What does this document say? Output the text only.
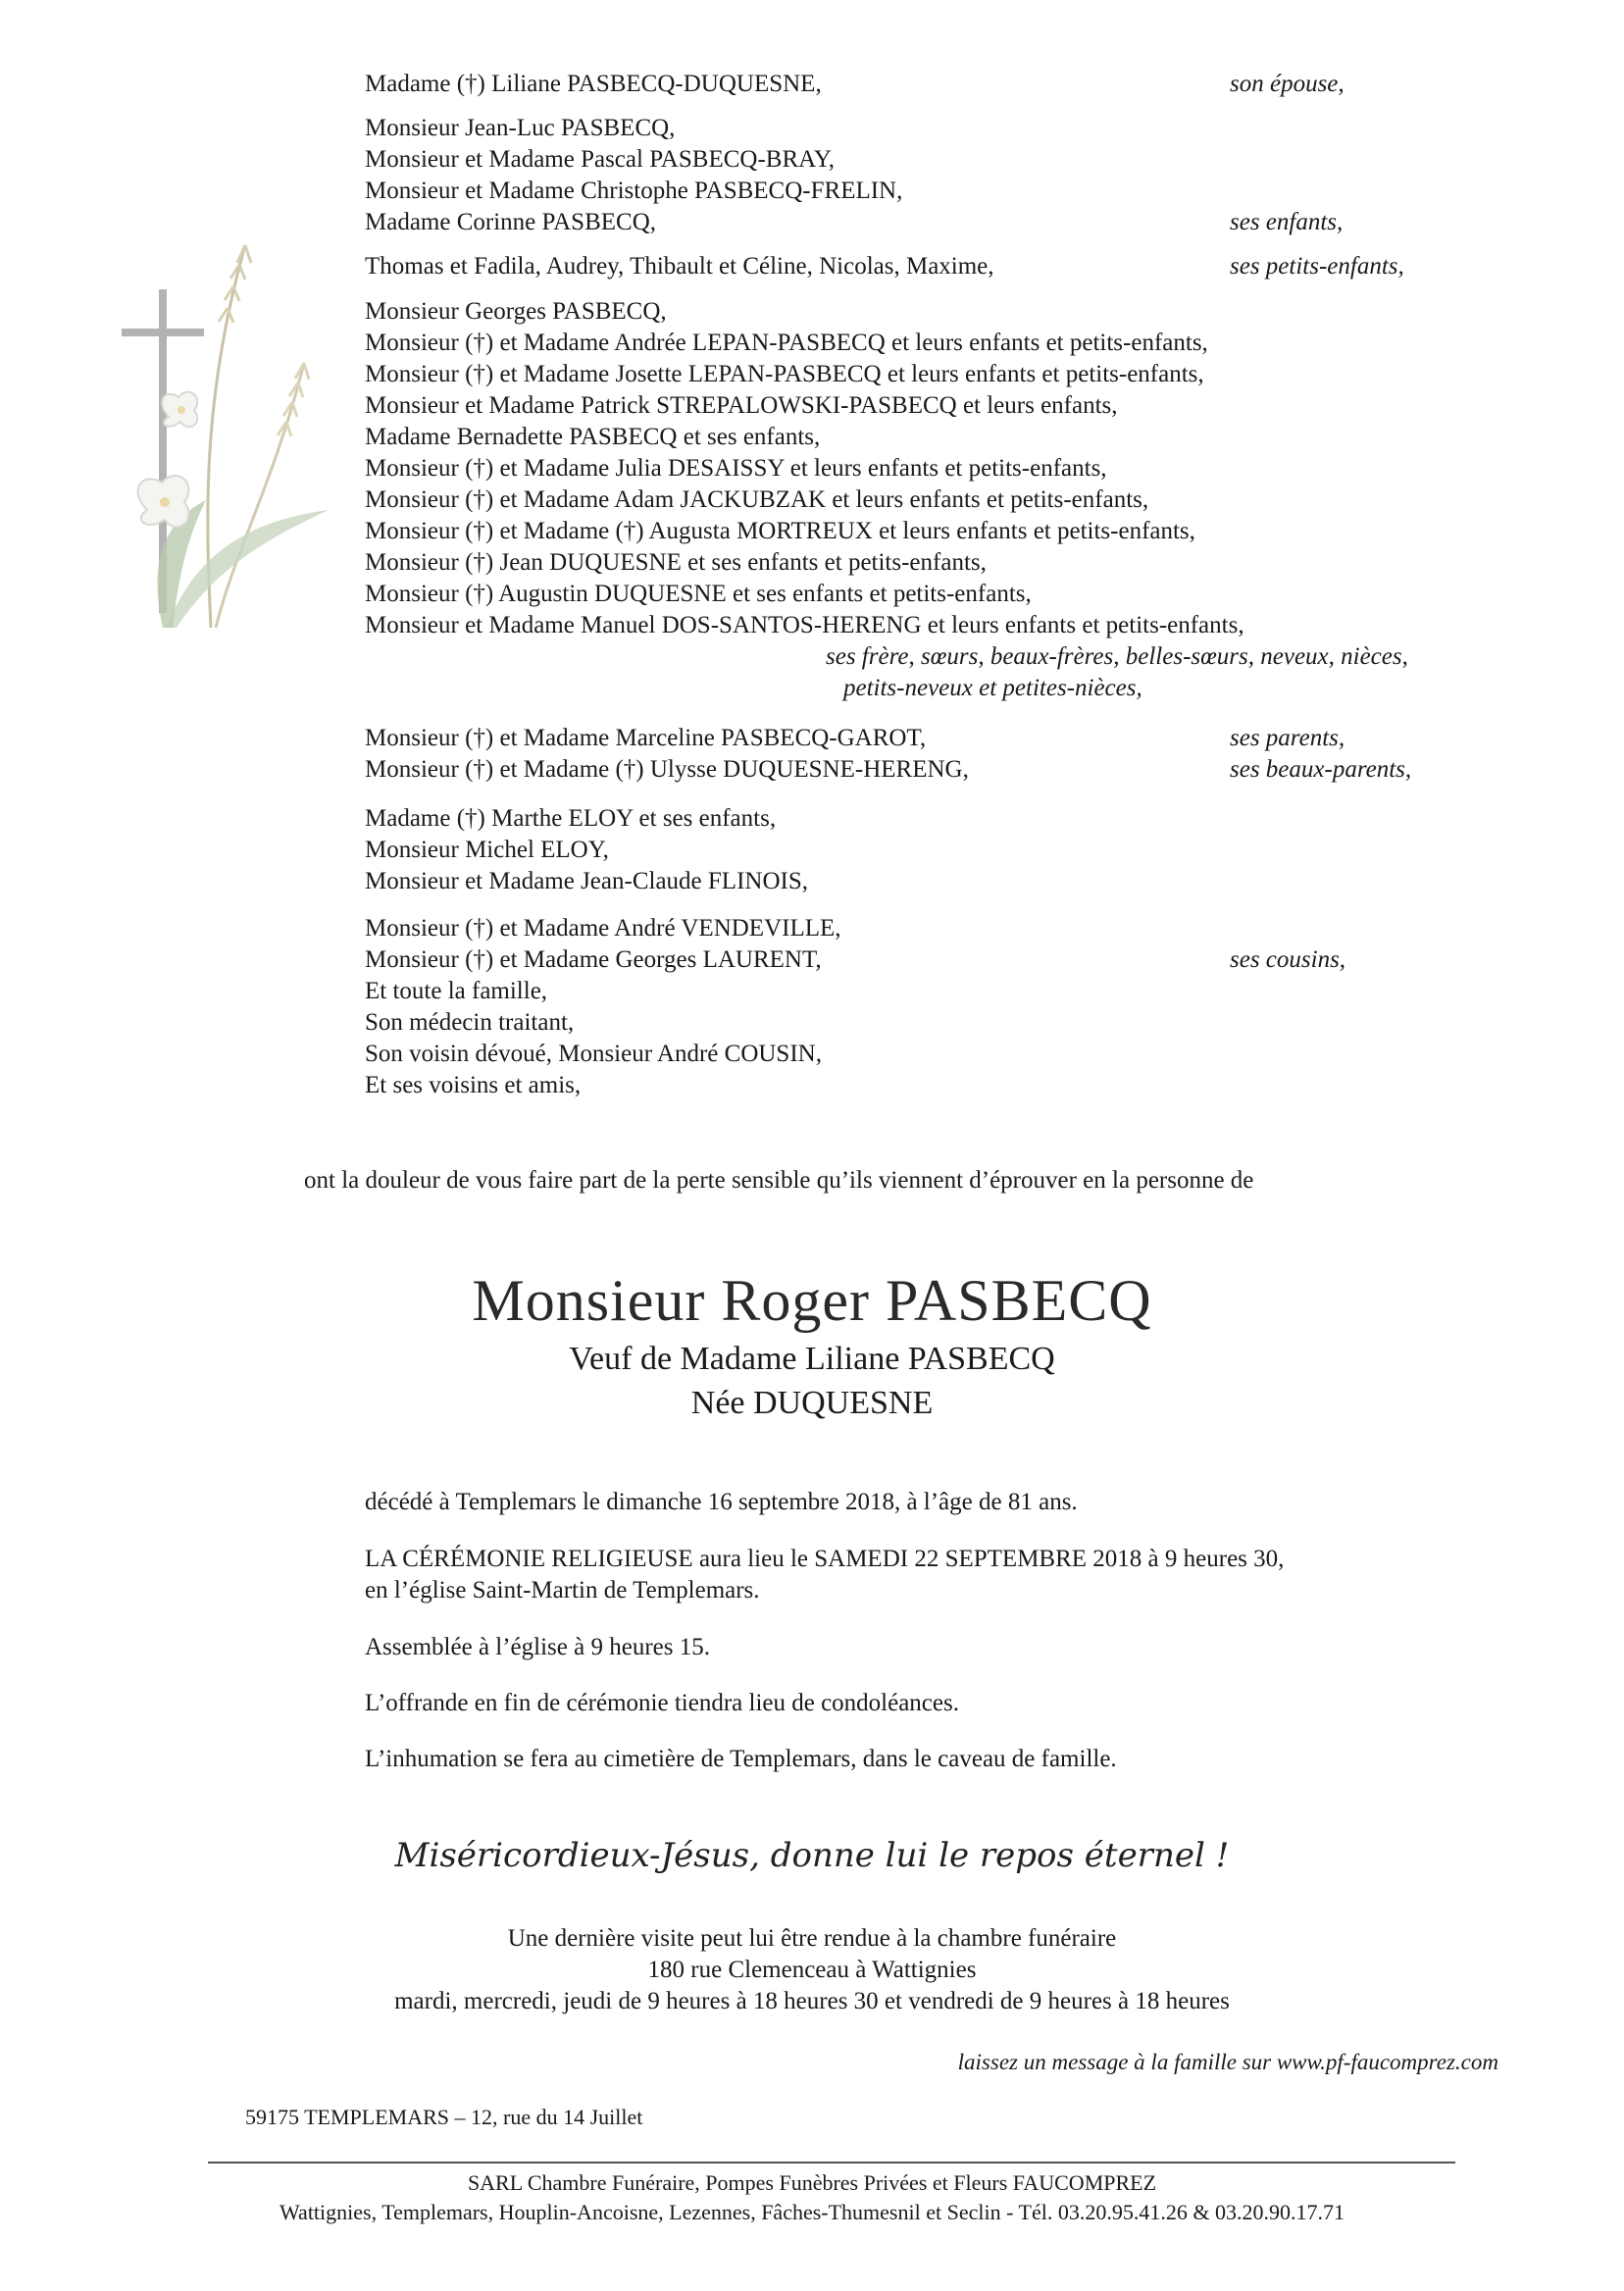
Madame (†) Liliane PASBECQ-DUQUESNE,	son épouse,
Monsieur Jean-Luc PASBECQ,
Monsieur et Madame Pascal PASBECQ-BRAY,
Monsieur et Madame Christophe PASBECQ-FRELIN,
Madame Corinne PASBECQ,	ses enfants,
Thomas et Fadila, Audrey, Thibault et Céline, Nicolas, Maxime,	ses petits-enfants,
Monsieur Georges PASBECQ,
Monsieur (†) et Madame Andrée LEPAN-PASBECQ et leurs enfants et petits-enfants,
Monsieur (†) et Madame Josette LEPAN-PASBECQ et leurs enfants et petits-enfants,
Monsieur et Madame Patrick STREPALOWSKI-PASBECQ et leurs enfants,
Madame Bernadette PASBECQ et ses enfants,
Monsieur (†) et Madame Julia DESAISSY et leurs enfants et petits-enfants,
Monsieur (†) et Madame Adam JACKUBZAK et leurs enfants et petits-enfants,
Monsieur (†) et Madame (†) Augusta MORTREUX et leurs enfants et petits-enfants,
Monsieur (†) Jean DUQUESNE et ses enfants et petits-enfants,
Monsieur (†) Augustin DUQUESNE et ses enfants et petits-enfants,
Monsieur et Madame Manuel DOS-SANTOS-HERENG et leurs enfants et petits-enfants,
ses frère, sœurs, beaux-frères, belles-sœurs, neveux, nièces,
petits-neveux et petites-nièces,
Monsieur (†) et Madame Marceline PASBECQ-GAROT,	ses parents,
Monsieur (†) et Madame (†) Ulysse DUQUESNE-HERENG,	ses beaux-parents,
Madame (†) Marthe ELOY et ses enfants,
Monsieur Michel ELOY,
Monsieur et Madame Jean-Claude FLINOIS,
Monsieur (†) et Madame André VENDEVILLE,
Monsieur (†) et Madame Georges LAURENT,	ses cousins,
Et toute la famille,
Son médecin traitant,
Son voisin dévoué, Monsieur André COUSIN,
Et ses voisins et amis,
ont la douleur de vous faire part de la perte sensible qu’ils viennent d’éprouver en la personne de
Monsieur Roger PASBECQ
Veuf de Madame Liliane PASBECQ
Née DUQUESNE
décédé à Templemars le dimanche 16 septembre 2018, à l’âge de 81 ans.
LA CÉRÉMONIE RELIGIEUSE aura lieu le SAMEDI 22 SEPTEMBRE 2018 à 9 heures 30,
en l’église Saint-Martin de Templemars.
Assemblée à l’église à 9 heures 15.
L’offrande en fin de cérémonie tiendra lieu de condoléances.
L’inhumation se fera au cimetière de Templemars, dans le caveau de famille.
Miséricordieux-Jésus, donne lui le repos éternel !
Une dernière visite peut lui être rendue à la chambre funéraire
180 rue Clemenceau à Wattignies
mardi, mercredi, jeudi de 9 heures à 18 heures 30 et vendredi de 9 heures à 18 heures
laissez un message à la famille sur www.pf-faucomprez.com
59175 TEMPLEMARS – 12, rue du 14 Juillet
SARL Chambre Funéraire, Pompes Funèbres Privées et Fleurs FAUCOMPREZ
Wattignies, Templemars, Houplin-Ancoisne, Lezennes, Fâches-Thumesnil et Seclin - Tél. 03.20.95.41.26 & 03.20.90.17.71
